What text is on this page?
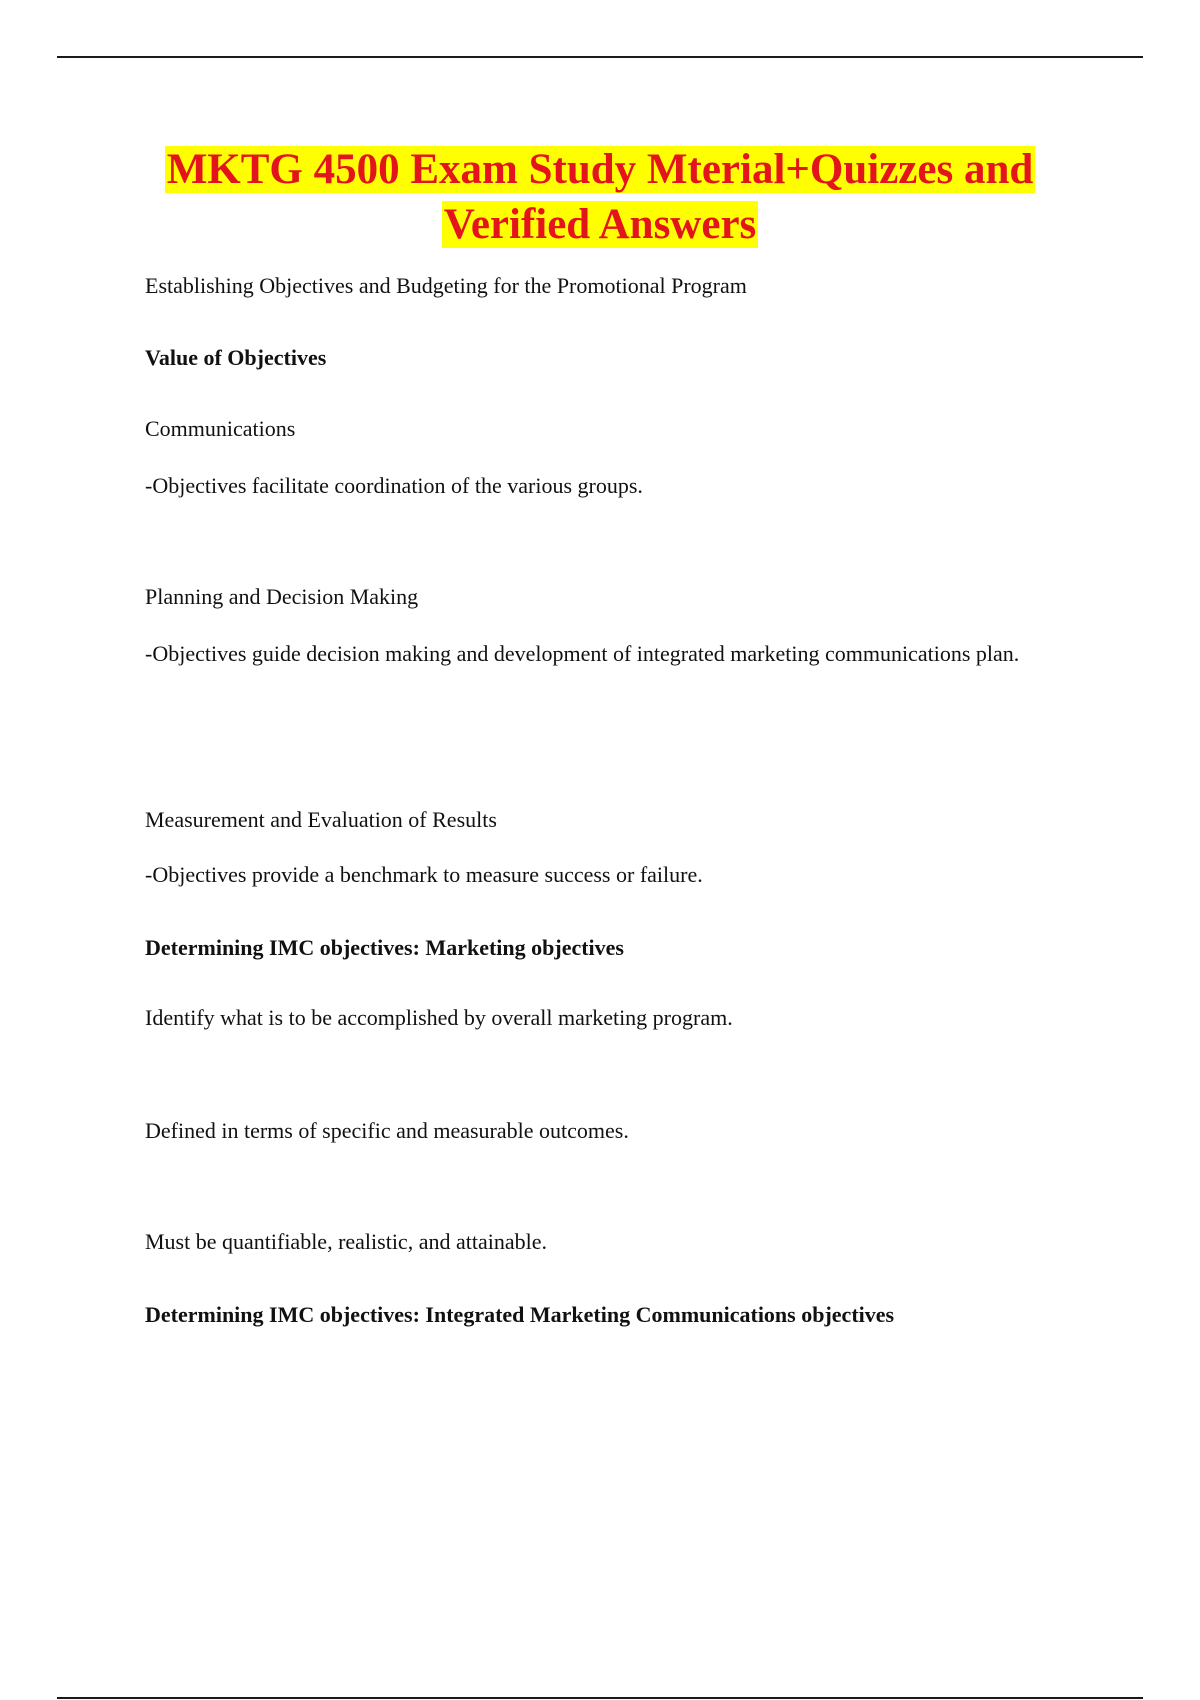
MKTG 4500 Exam Study Mterial+Quizzes and
Verified Answers

Establishing Objectives and Budgeting for the Promotional Program

Value of Objectives

Communications

-Objectives facilitate coordination of the various groups.

Planning and Decision Making

-Objectives guide decision making and development of integrated marketing communications plan.

Measurement and Evaluation of Results

-Objectives provide a benchmark to measure success or failure.

Determining IMC objectives: Marketing objectives

Identify what is to be accomplished by overall marketing program.

Defined in terms of specific and measurable outcomes.

Must be quantifiable, realistic, and attainable.

Determining IMC objectives: Integrated Marketing Communications objectives
